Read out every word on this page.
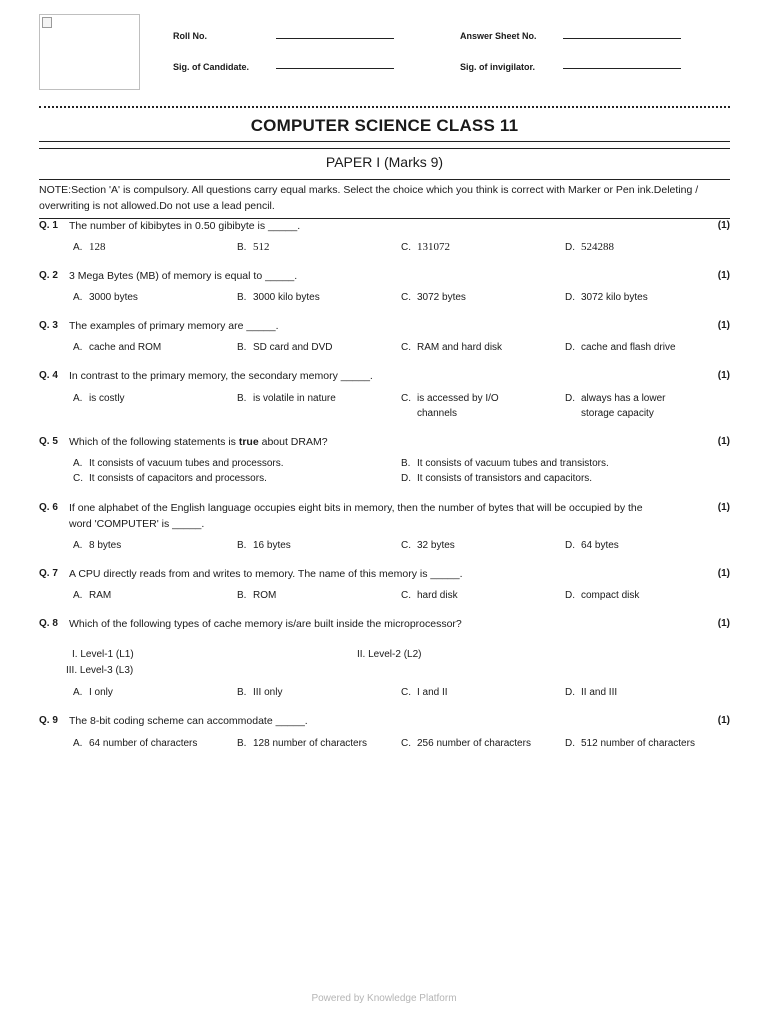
Roll No.	Answer Sheet No.
Sig. of Candidate.	Sig. of invigilator.
COMPUTER SCIENCE CLASS 11
PAPER I (Marks 9)
NOTE:Section 'A' is compulsory. All questions carry equal marks. Select the choice which you think is correct with Marker or Pen ink.Deleting / overwriting is not allowed.Do not use a lead pencil.
Q. 1 The number of kibibytes in 0.50 gibibyte is _____.	(1)
A. 128	B. 512	C. 131072	D. 524288
Q. 2 3 Mega Bytes (MB) of memory is equal to _____.	(1)
A. 3000 bytes	B. 3000 kilo bytes	C. 3072 bytes	D. 3072 kilo bytes
Q. 3 The examples of primary memory are _____.	(1)
A. cache and ROM	B. SD card and DVD	C. RAM and hard disk	D. cache and flash drive
Q. 4 In contrast to the primary memory, the secondary memory _____.	(1)
A. is costly	B. is volatile in nature	C. is accessed by I/O channels
D. always has a lower storage capacity
Q. 5 Which of the following statements is true about DRAM?	(1)
A. It consists of vacuum tubes and processors.	B. It consists of vacuum tubes and transistors.
C. It consists of capacitors and processors.	D. It consists of transistors and capacitors.
Q. 6 If one alphabet of the English language occupies eight bits in memory, then the number of bytes that will be occupied by the word 'COMPUTER' is _____.
(1)
A. 8 bytes	B. 16 bytes	C. 32 bytes	D. 64 bytes
Q. 7 A CPU directly reads from and writes to memory. The name of this memory is _____.	(1)
A. RAM	B. ROM	C. hard disk	D. compact disk
Q. 8 Which of the following types of cache memory is/are built inside the microprocessor?	(1)
I. Level-1 (L1)	II. Level-2 (L2)
III. Level-3 (L3)
A. I only	B. III only	C. I and II	D. II and III
Q. 9 The 8-bit coding scheme can accommodate _____.	(1)
A. 64 number of characters	B. 128 number of characters	C. 256 number of characters	D. 512 number of characters
Powered by Knowledge Platform
